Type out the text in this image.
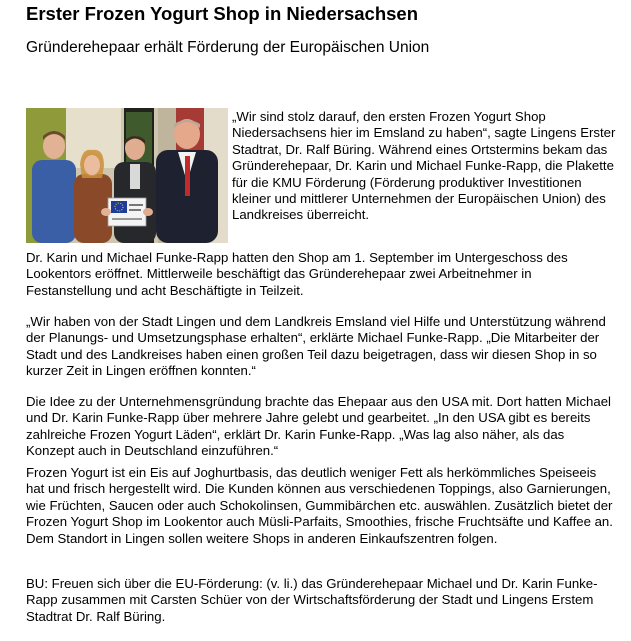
Erster Frozen Yogurt Shop in Niedersachsen

Gründerehepaar erhält Förderung der Europäischen Union

„Wir sind stolz darauf, den ersten Frozen Yogurt Shop Niedersachsens hier im Emsland zu haben“, sagte Lingens Erster Stadtrat, Dr. Ralf Büring. Während eines Ortstermins bekam das Gründerehepaar, Dr. Karin und Michael Funke-Rapp, die Plakette für die KMU Förderung (Förderung produktiver Investitionen kleiner und mittlerer Unternehmen der Europäischen Union) des Landkreises überreicht.

Dr. Karin und Michael Funke-Rapp hatten den Shop am 1. September im Untergeschoss des Lookentors eröffnet. Mittlerweile beschäftigt das Gründerehepaar zwei Arbeitnehmer in Festanstellung und acht Beschäftigte in Teilzeit.

„Wir haben von der Stadt Lingen und dem Landkreis Emsland viel Hilfe und Unterstützung während der Planungs- und Umsetzungsphase erhalten“, erklärte Michael Funke-Rapp. „Die Mitarbeiter der Stadt und des Landkreises haben einen großen Teil dazu beigetragen, dass wir diesen Shop in so kurzer Zeit in Lingen eröffnen konnten.“

Die Idee zu der Unternehmensgründung brachte das Ehepaar aus den USA mit. Dort hatten Michael und Dr. Karin Funke-Rapp über mehrere Jahre gelebt und gearbeitet. „In den USA gibt es bereits zahlreiche Frozen Yogurt Läden“, erklärt Dr. Karin Funke-Rapp. „Was lag also näher, als das Konzept auch in Deutschland einzuführen.“

Frozen Yogurt ist ein Eis auf Joghurtbasis, das deutlich weniger Fett als herkömmliches Speiseeis hat und frisch hergestellt wird. Die Kunden können aus verschiedenen Toppings, also Garnierungen, wie Früchten, Saucen oder auch Schokolinsen, Gummibärchen etc. auswählen. Zusätzlich bietet der Frozen Yogurt Shop im Lookentor auch Müsli-Parfaits, Smoothies, frische Fruchtsäfte und Kaffee an. Dem Standort in Lingen sollen weitere Shops in anderen Einkaufszentren folgen.

BU: Freuen sich über die EU-Förderung: (v. li.) das Gründerehepaar Michael und Dr. Karin Funke-Rapp zusammen mit Carsten Schüer von der Wirtschaftsförderung der Stadt und Lingens Erstem Stadtrat Dr. Ralf Büring.
